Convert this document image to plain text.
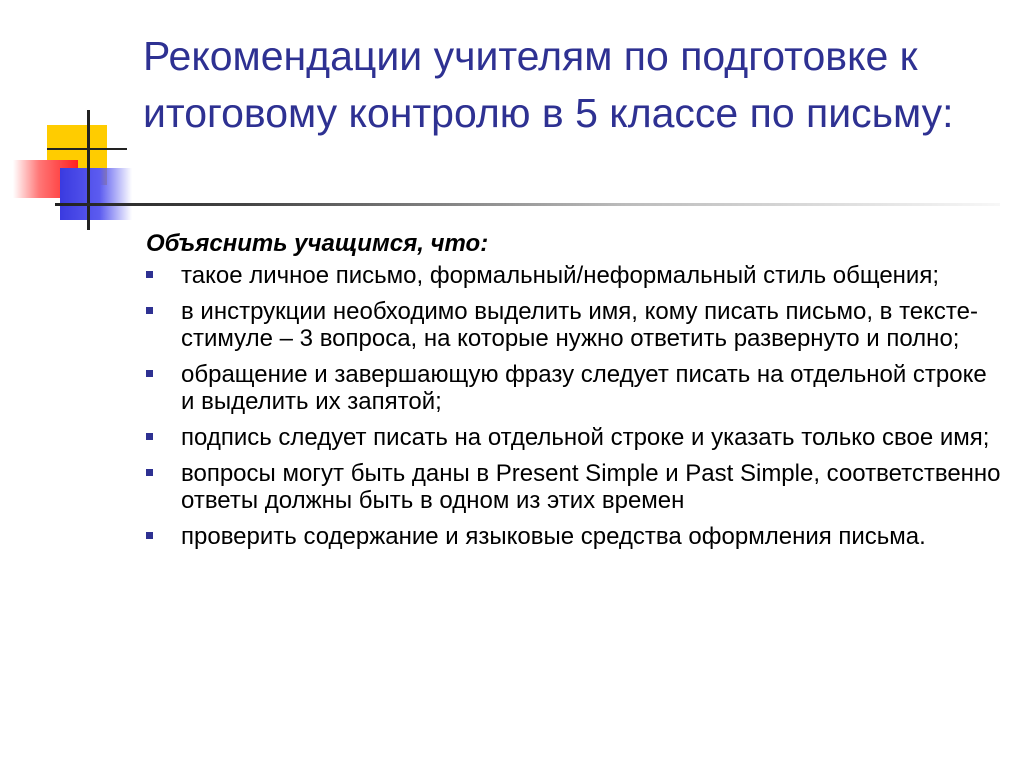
Рекомендации учителям по подготовке к итоговому контролю в 5 классе по письму:

Объяснить учащимся, что:

такое личное письмо, формальный/неформальный стиль общения;
в инструкции необходимо выделить имя, кому писать письмо, в тексте-стимуле – 3 вопроса, на которые нужно ответить развернуто и полно;
обращение и завершающую фразу следует писать на отдельной строке и выделить их запятой;
подпись следует писать на отдельной строке и указать только свое имя;
вопросы могут быть даны в Present Simple и Past Simple, соответственно ответы должны быть в одном из этих времен
проверить содержание и языковые средства оформления письма.
